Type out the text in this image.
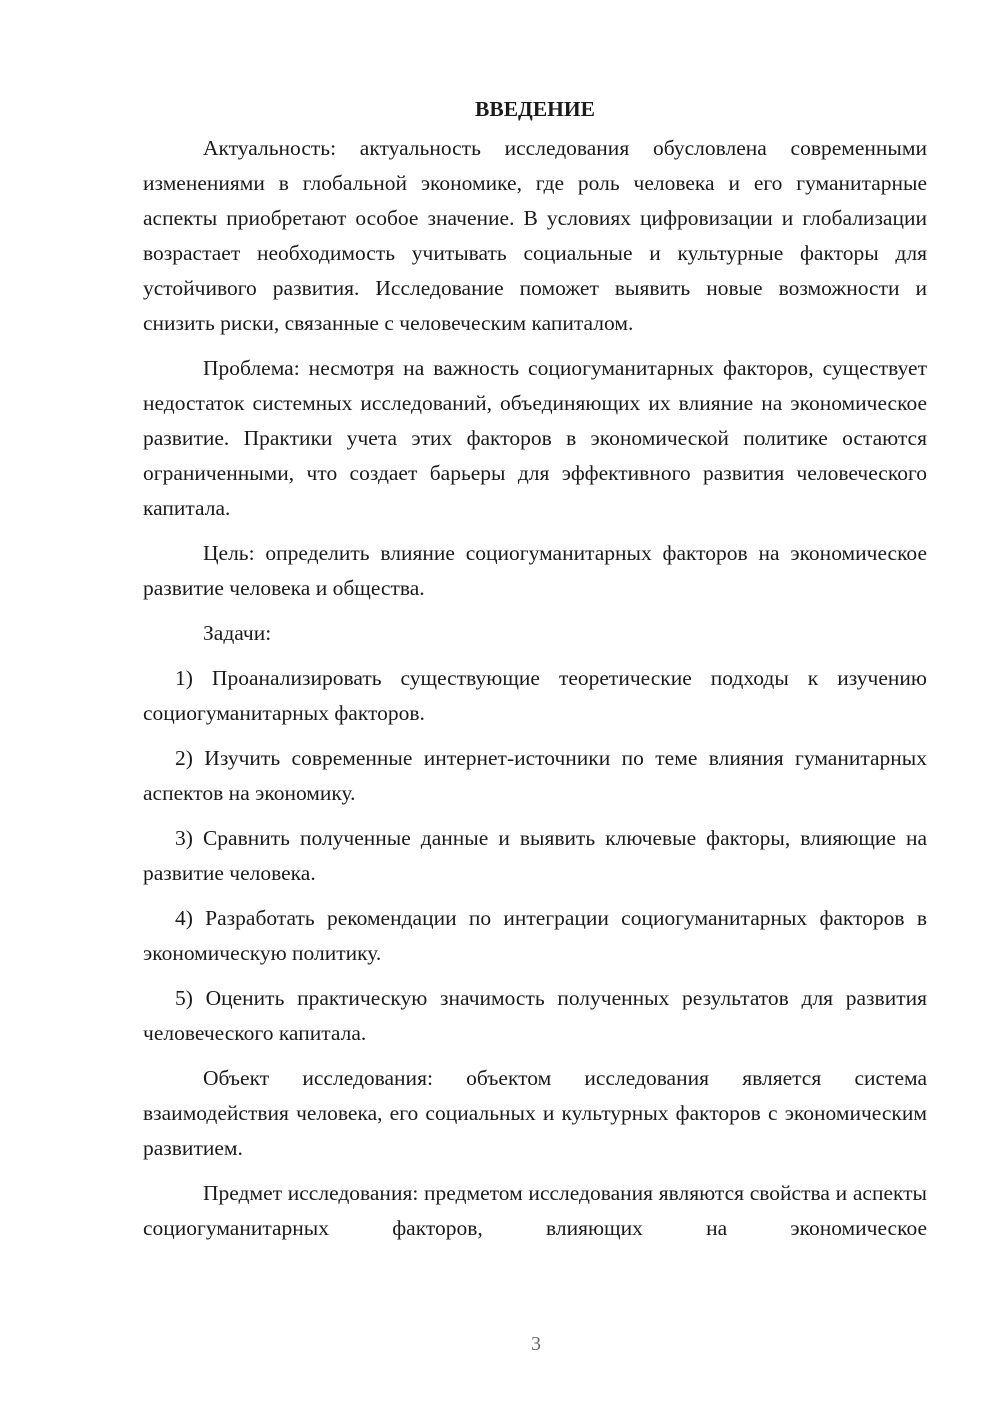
ВВЕДЕНИЕ

Актуальность: актуальность исследования обусловлена современными изменениями в глобальной экономике, где роль человека и его гуманитарные аспекты приобретают особое значение. В условиях цифровизации и глобализации возрастает необходимость учитывать социальные и культурные факторы для устойчивого развития. Исследование поможет выявить новые возможности и снизить риски, связанные с человеческим капиталом.

Проблема: несмотря на важность социогуманитарных факторов, существует недостаток системных исследований, объединяющих их влияние на экономическое развитие. Практики учета этих факторов в экономической политике остаются ограниченными, что создает барьеры для эффективного развития человеческого капитала.

Цель: определить влияние социогуманитарных факторов на экономическое развитие человека и общества.

Задачи:

1) Проанализировать существующие теоретические подходы к изучению социогуманитарных факторов.

2) Изучить современные интернет-источники по теме влияния гуманитарных аспектов на экономику.

3) Сравнить полученные данные и выявить ключевые факторы, влияющие на развитие человека.

4) Разработать рекомендации по интеграции социогуманитарных факторов в экономическую политику.

5) Оценить практическую значимость полученных результатов для развития человеческого капитала.

Объект исследования: объектом исследования является система взаимодействия человека, его социальных и культурных факторов с экономическим развитием.

Предмет исследования: предметом исследования являются свойства и аспекты социогуманитарных факторов, влияющих на экономическое

3
